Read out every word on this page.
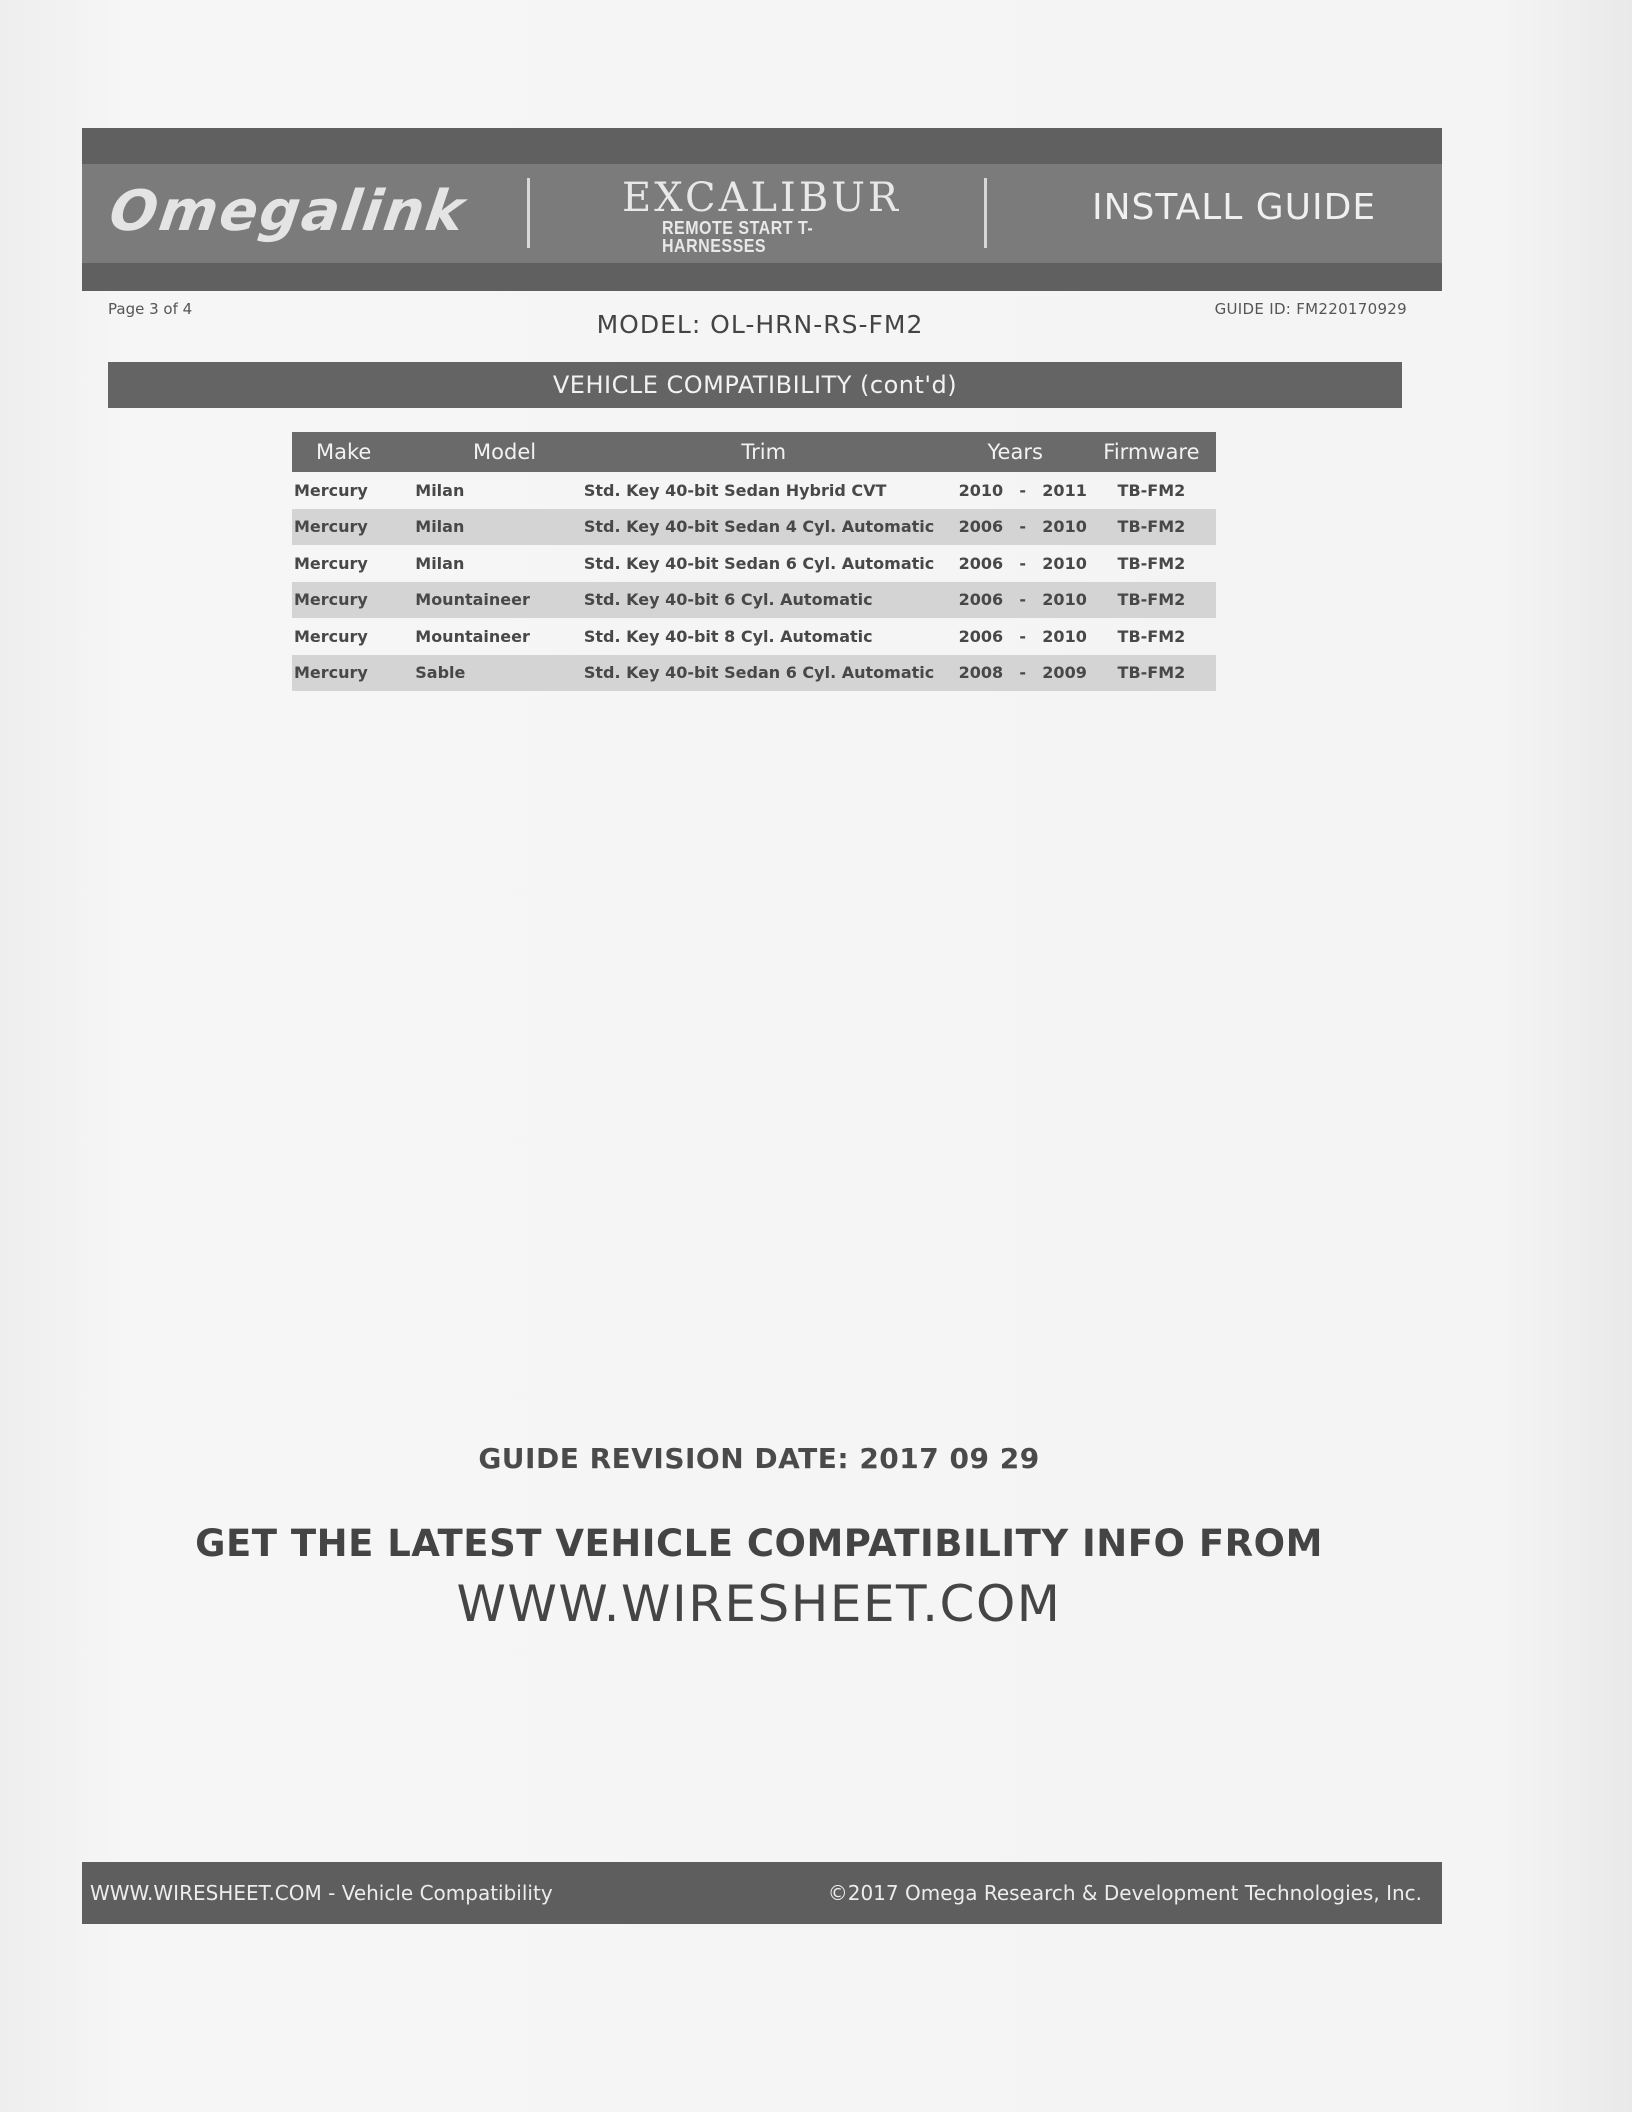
Omegalink	EXCALIBUR
REMOTE START T-HARNESSES
INSTALL GUIDE
Page 3 of 4	GUIDE ID: FM220170929
MODEL: OL-HRN-RS-FM2
VEHICLE COMPATIBILITY (cont'd)
Make	Model	Trim	Years			Firmware
Mercury	Milan	Std. Key 40-bit Sedan Hybrid CVT	2010	-	2011	TB-FM2
Mercury	Milan	Std. Key 40-bit Sedan 4 Cyl. Automatic	2006	-	2010	TB-FM2
Mercury	Milan	Std. Key 40-bit Sedan 6 Cyl. Automatic	2006	-	2010	TB-FM2
Mercury	Mountaineer	Std. Key 40-bit 6 Cyl. Automatic	2006	-	2010	TB-FM2
Mercury	Mountaineer	Std. Key 40-bit 8 Cyl. Automatic	2006	-	2010	TB-FM2
Mercury	Sable	Std. Key 40-bit Sedan 6 Cyl. Automatic	2008	-	2009	TB-FM2
GUIDE REVISION DATE: 2017 09 29
GET THE LATEST VEHICLE COMPATIBILITY INFO FROM
WWW.WIRESHEET.COM
WWW.WIRESHEET.COM - Vehicle Compatibility	©2017 Omega Research & Development Technologies, Inc.
